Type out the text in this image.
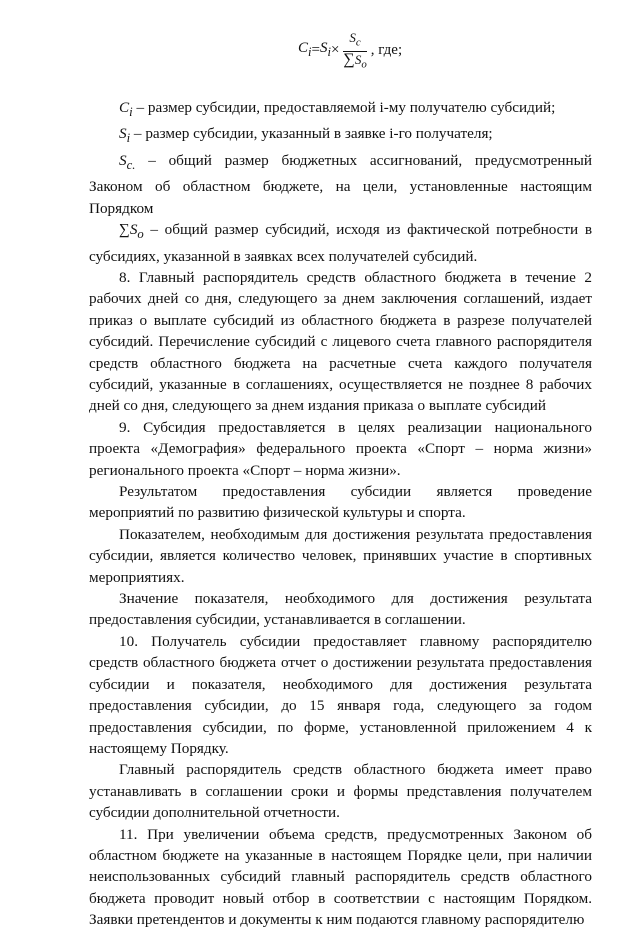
$C_i = S_i \times \frac{S_c}{\sum S_o}$ , где;

$C_i$ – размер субсидии, предоставляемой i-му получателю субсидий;

$S_i$ – размер субсидии, указанный в заявке i-го получателя;

$S_{c.}$ – общий размер бюджетных ассигнований, предусмотренный Законом об областном бюджете, на цели, установленные настоящим Порядком

$\sum S_o$ – общий размер субсидий, исходя из фактической потребности в субсидиях, указанной в заявках всех получателей субсидий.

8. Главный распорядитель средств областного бюджета в течение 2 рабочих дней со дня, следующего за днем заключения соглашений, издает приказ о выплате субсидий из областного бюджета в разрезе получателей субсидий. Перечисление субсидий с лицевого счета главного распорядителя средств областного бюджета на расчетные счета каждого получателя субсидий, указанные в соглашениях, осуществляется не позднее 8 рабочих дней со дня, следующего за днем издания приказа о выплате субсидий

9. Субсидия предоставляется в целях реализации национального проекта «Демография» федерального проекта «Спорт – норма жизни» регионального проекта «Спорт – норма жизни».

Результатом предоставления субсидии является проведение мероприятий по развитию физической культуры и спорта.

Показателем, необходимым для достижения результата предоставления субсидии, является количество человек, принявших участие в спортивных мероприятиях.

Значение показателя, необходимого для достижения результата предоставления субсидии, устанавливается в соглашении.

10. Получатель субсидии предоставляет главному распорядителю средств областного бюджета отчет о достижении результата предоставления субсидии и показателя, необходимого для достижения результата предоставления субсидии, до 15 января года, следующего за годом предоставления субсидии, по форме, установленной приложением 4 к настоящему Порядку.

Главный распорядитель средств областного бюджета имеет право устанавливать в соглашении сроки и формы представления получателем субсидии дополнительной отчетности.

11. При увеличении объема средств, предусмотренных Законом об областном бюджете на указанные в настоящем Порядке цели, при наличии неиспользованных субсидий главный распорядитель средств областного бюджета проводит новый отбор в соответствии с настоящим Порядком. Заявки претендентов и документы к ним подаются главному распорядителю
